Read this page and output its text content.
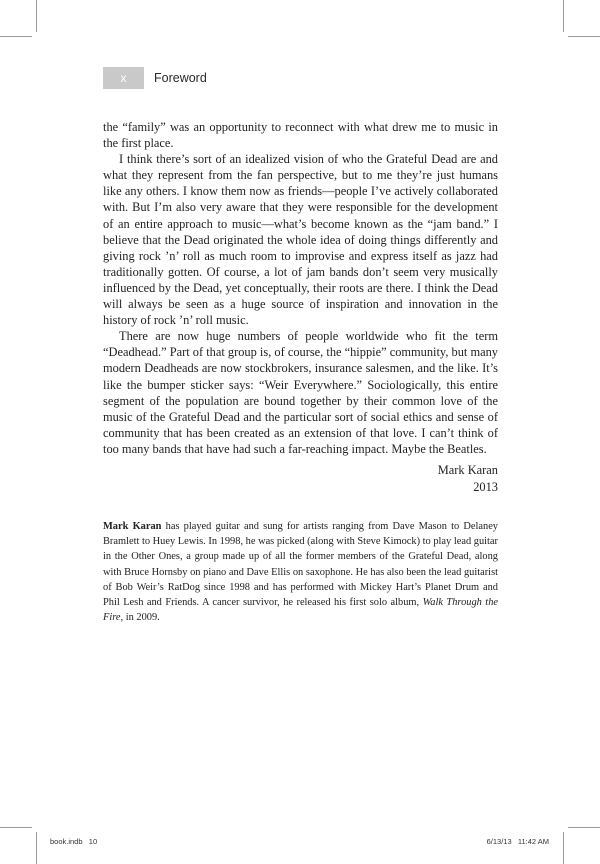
x	Foreword

the “family” was an opportunity to reconnect with what drew me to music in the first place.

I think there’s sort of an idealized vision of who the Grateful Dead are and what they represent from the fan perspective, but to me they’re just humans like any others. I know them now as friends—people I’ve actively collaborated with. But I’m also very aware that they were responsible for the development of an entire approach to music—what’s become known as the “jam band.” I believe that the Dead originated the whole idea of doing things differently and giving rock ’n’ roll as much room to improvise and express itself as jazz had traditionally gotten. Of course, a lot of jam bands don’t seem very musically influenced by the Dead, yet conceptually, their roots are there. I think the Dead will always be seen as a huge source of inspiration and innovation in the history of rock ’n’ roll music.

There are now huge numbers of people worldwide who fit the term “Deadhead.” Part of that group is, of course, the “hippie” community, but many modern Deadheads are now stockbrokers, insurance salesmen, and the like. It’s like the bumper sticker says: “Weir Everywhere.” Sociologically, this entire segment of the population are bound together by their common love of the music of the Grateful Dead and the particular sort of social ethics and sense of community that has been created as an extension of that love. I can’t think of too many bands that have had such a far-reaching impact. Maybe the Beatles.

Mark Karan
2013
Mark Karan has played guitar and sung for artists ranging from Dave Mason to Delaney Bramlett to Huey Lewis. In 1998, he was picked (along with Steve Kimock) to play lead guitar in the Other Ones, a group made up of all the former members of the Grateful Dead, along with Bruce Hornsby on piano and Dave Ellis on saxophone. He has also been the lead guitarist of Bob Weir’s RatDog since 1998 and has performed with Mickey Hart’s Planet Drum and Phil Lesh and Friends. A cancer survivor, he released his first solo album, Walk Through the Fire, in 2009.
book.indb   10	6/13/13   11:42 AM
